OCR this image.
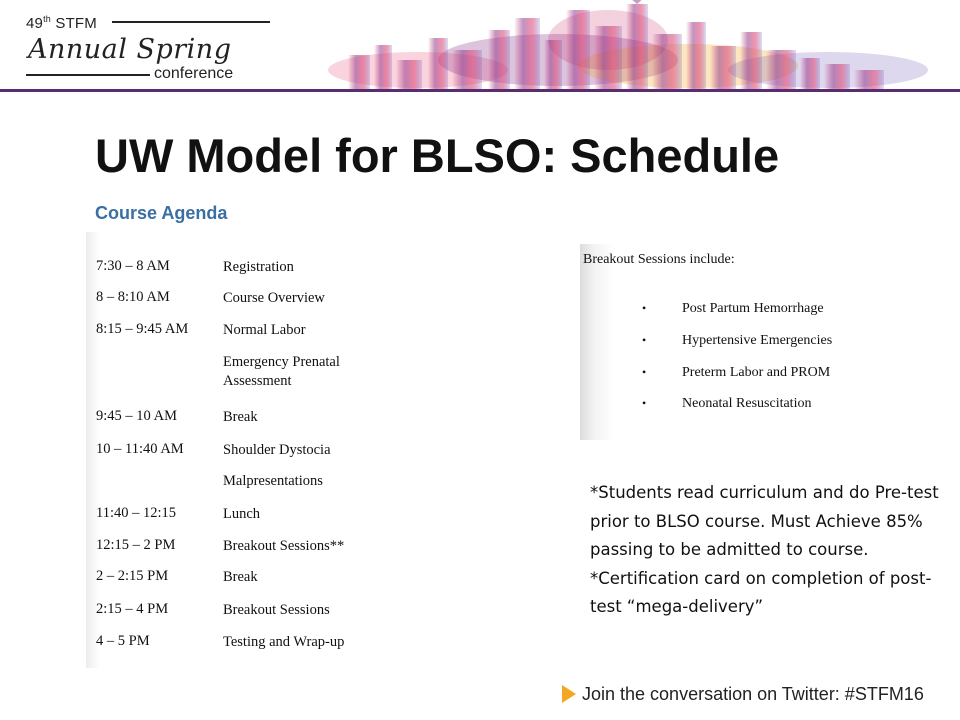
49th STFM
Annual Spring
conference
UW Model for BLSO: Schedule
Course Agenda
7:30 – 8 AM	Registration
8 – 8:10 AM	Course Overview
8:15 – 9:45 AM	Normal Labor
Emergency Prenatal Assessment
9:45 – 10 AM	Break
10 – 11:40 AM	Shoulder Dystocia
Malpresentations
11:40 – 12:15	Lunch
12:15 – 2 PM	Breakout Sessions**
2 – 2:15 PM	Break
2:15 – 4 PM	Breakout Sessions
4 – 5 PM	Testing and Wrap-up
Breakout Sessions include:
•	Post Partum Hemorrhage
•	Hypertensive Emergencies
•	Preterm Labor and PROM
•	Neonatal Resuscitation

*Students read curriculum and do Pre-test prior to BLSO course. Must Achieve 85% passing to be admitted to course.

*Certification card on completion of post-test “mega-delivery”

Join the conversation on Twitter: #STFM16
